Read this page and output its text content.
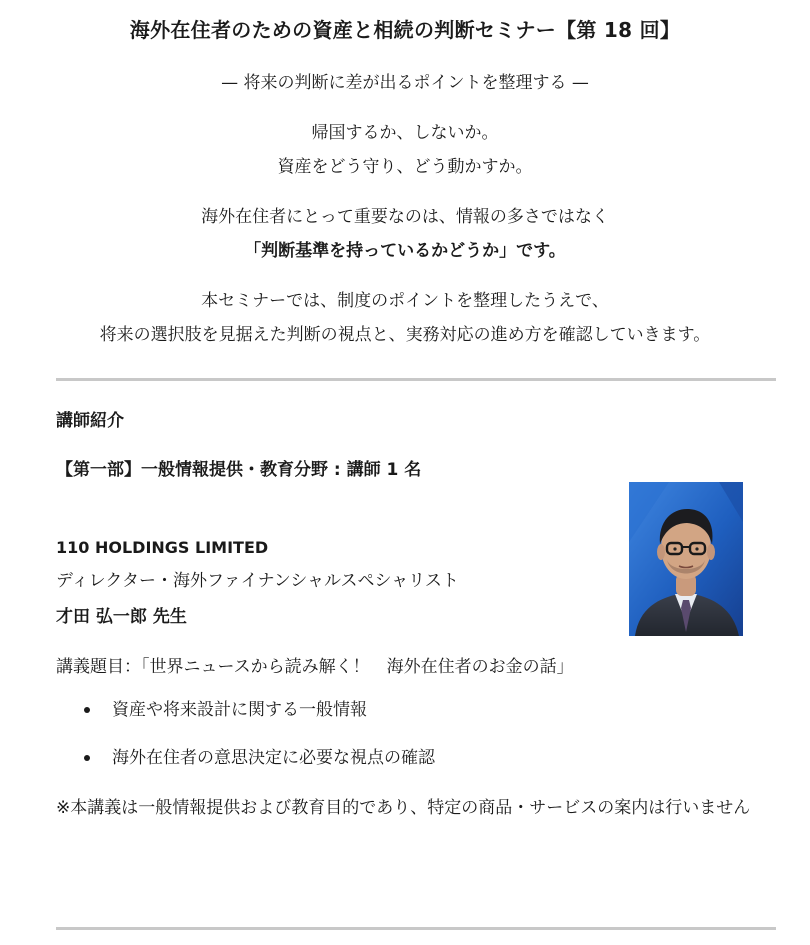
海外在住者のための資産と相続の判断セミナー【第 18 回】
— 将来の判断に差が出るポイントを整理する —
帰国するか、しないか。
資産をどう守り、どう動かすか。
海外在住者にとって重要なのは、情報の多さではなく
「判断基準を持っているかどうか」です。
本セミナーでは、制度のポイントを整理したうえで、
将来の選択肢を見据えた判断の視点と、実務対応の進め方を確認していきます。
講師紹介
【第一部】一般情報提供・教育分野 : 講師 1 名
110 HOLDINGS LIMITED
ディレクター・海外ファイナンシャルスペシャリスト
才田 弘一郎 先生
講義題目：「世界ニュースから読み解く！　海外在住者のお金の話」
資産や将来設計に関する一般情報
海外在住者の意思決定に必要な視点の確認
※本講義は一般情報提供および教育目的であり、特定の商品・サービスの案内は行いません
